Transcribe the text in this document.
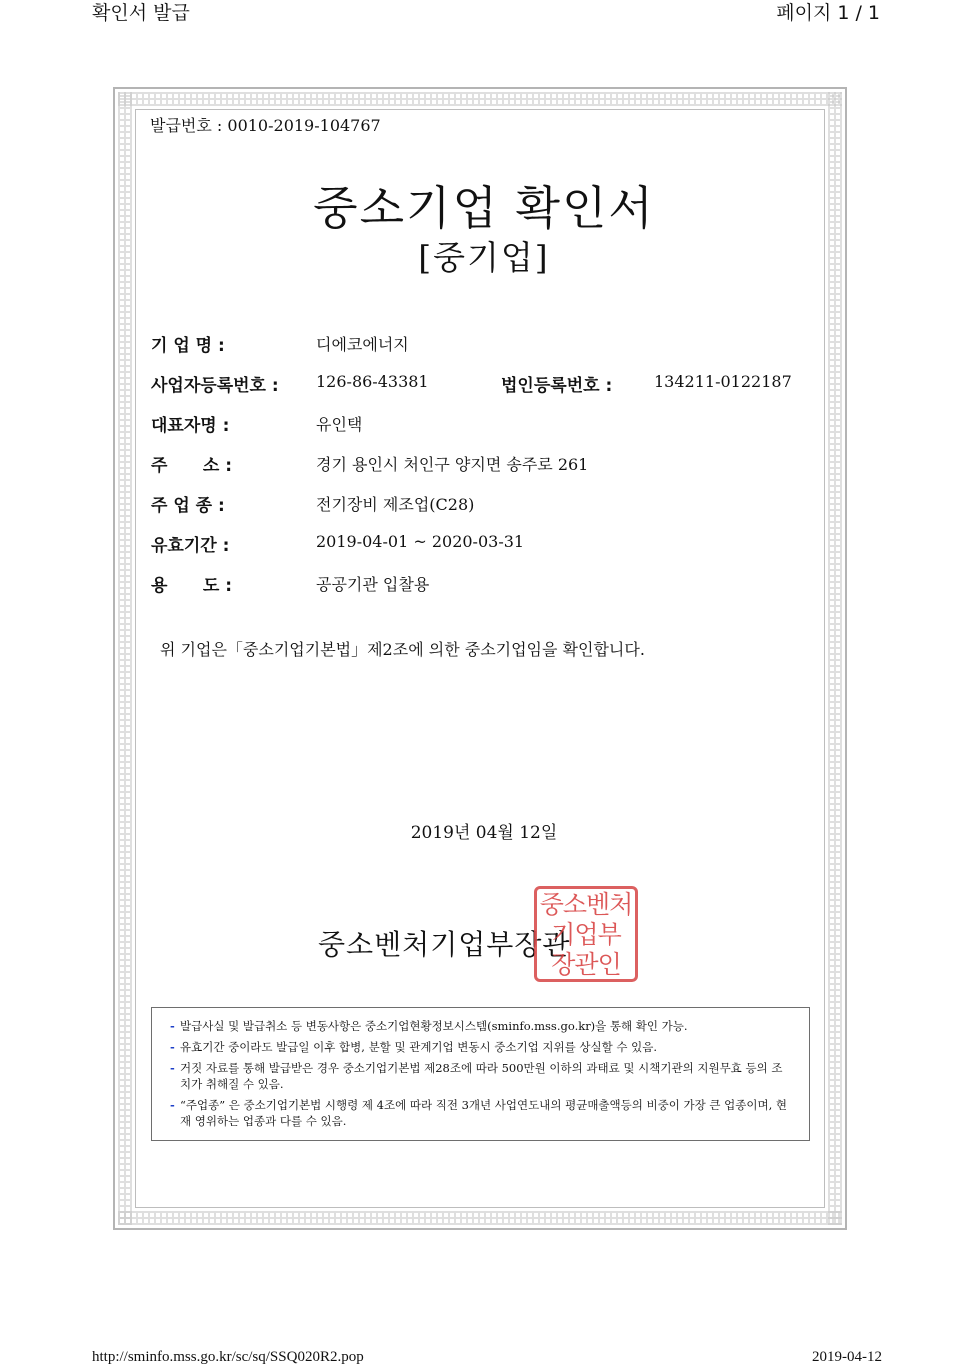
확인서 발급	페이지 1 / 1
발급번호 : 0010-2019-104767
중소기업 확인서
[중기업]
기 업 명 :	디에코에너지
사업자등록번호 : 126-86-43381	법인등록번호 :	134211-0122187
대표자명 :	유인택
주      소 :	경기 용인시 처인구 양지면 송주로 261
주 업 종 :	전기장비 제조업(C28)
유효기간 :	2019-04-01 ~ 2020-03-31
용      도 :	공공기관 입찰용
위 기업은「중소기업기본법」제2조에 의한 중소기업임을 확인합니다.
2019년 04월 12일
중소벤처기업부장관
중소벤처
기업부
장관인
- 발급사실 및 발급취소 등 변동사항은 중소기업현황정보시스템(sminfo.mss.go.kr)을 통해 확인 가능.
- 유효기간 중이라도 발급일 이후 합병, 분할 및 관계기업 변동시 중소기업 지위를 상실할 수 있음.
- 거짓 자료를 통해 발급받은 경우 중소기업기본법 제28조에 따라 500만원 이하의 과태료 및 시책기관의 지원무효 등의 조치가 취해질 수 있음.
- “주업종” 은 중소기업기본법 시행령 제 4조에 따라 직전 3개년 사업연도내의 평균매출액등의 비중이 가장 큰 업종이며, 현재 영위하는 업종과 다를 수 있음.
http://sminfo.mss.go.kr/sc/sq/SSQ020R2.pop	2019-04-12
